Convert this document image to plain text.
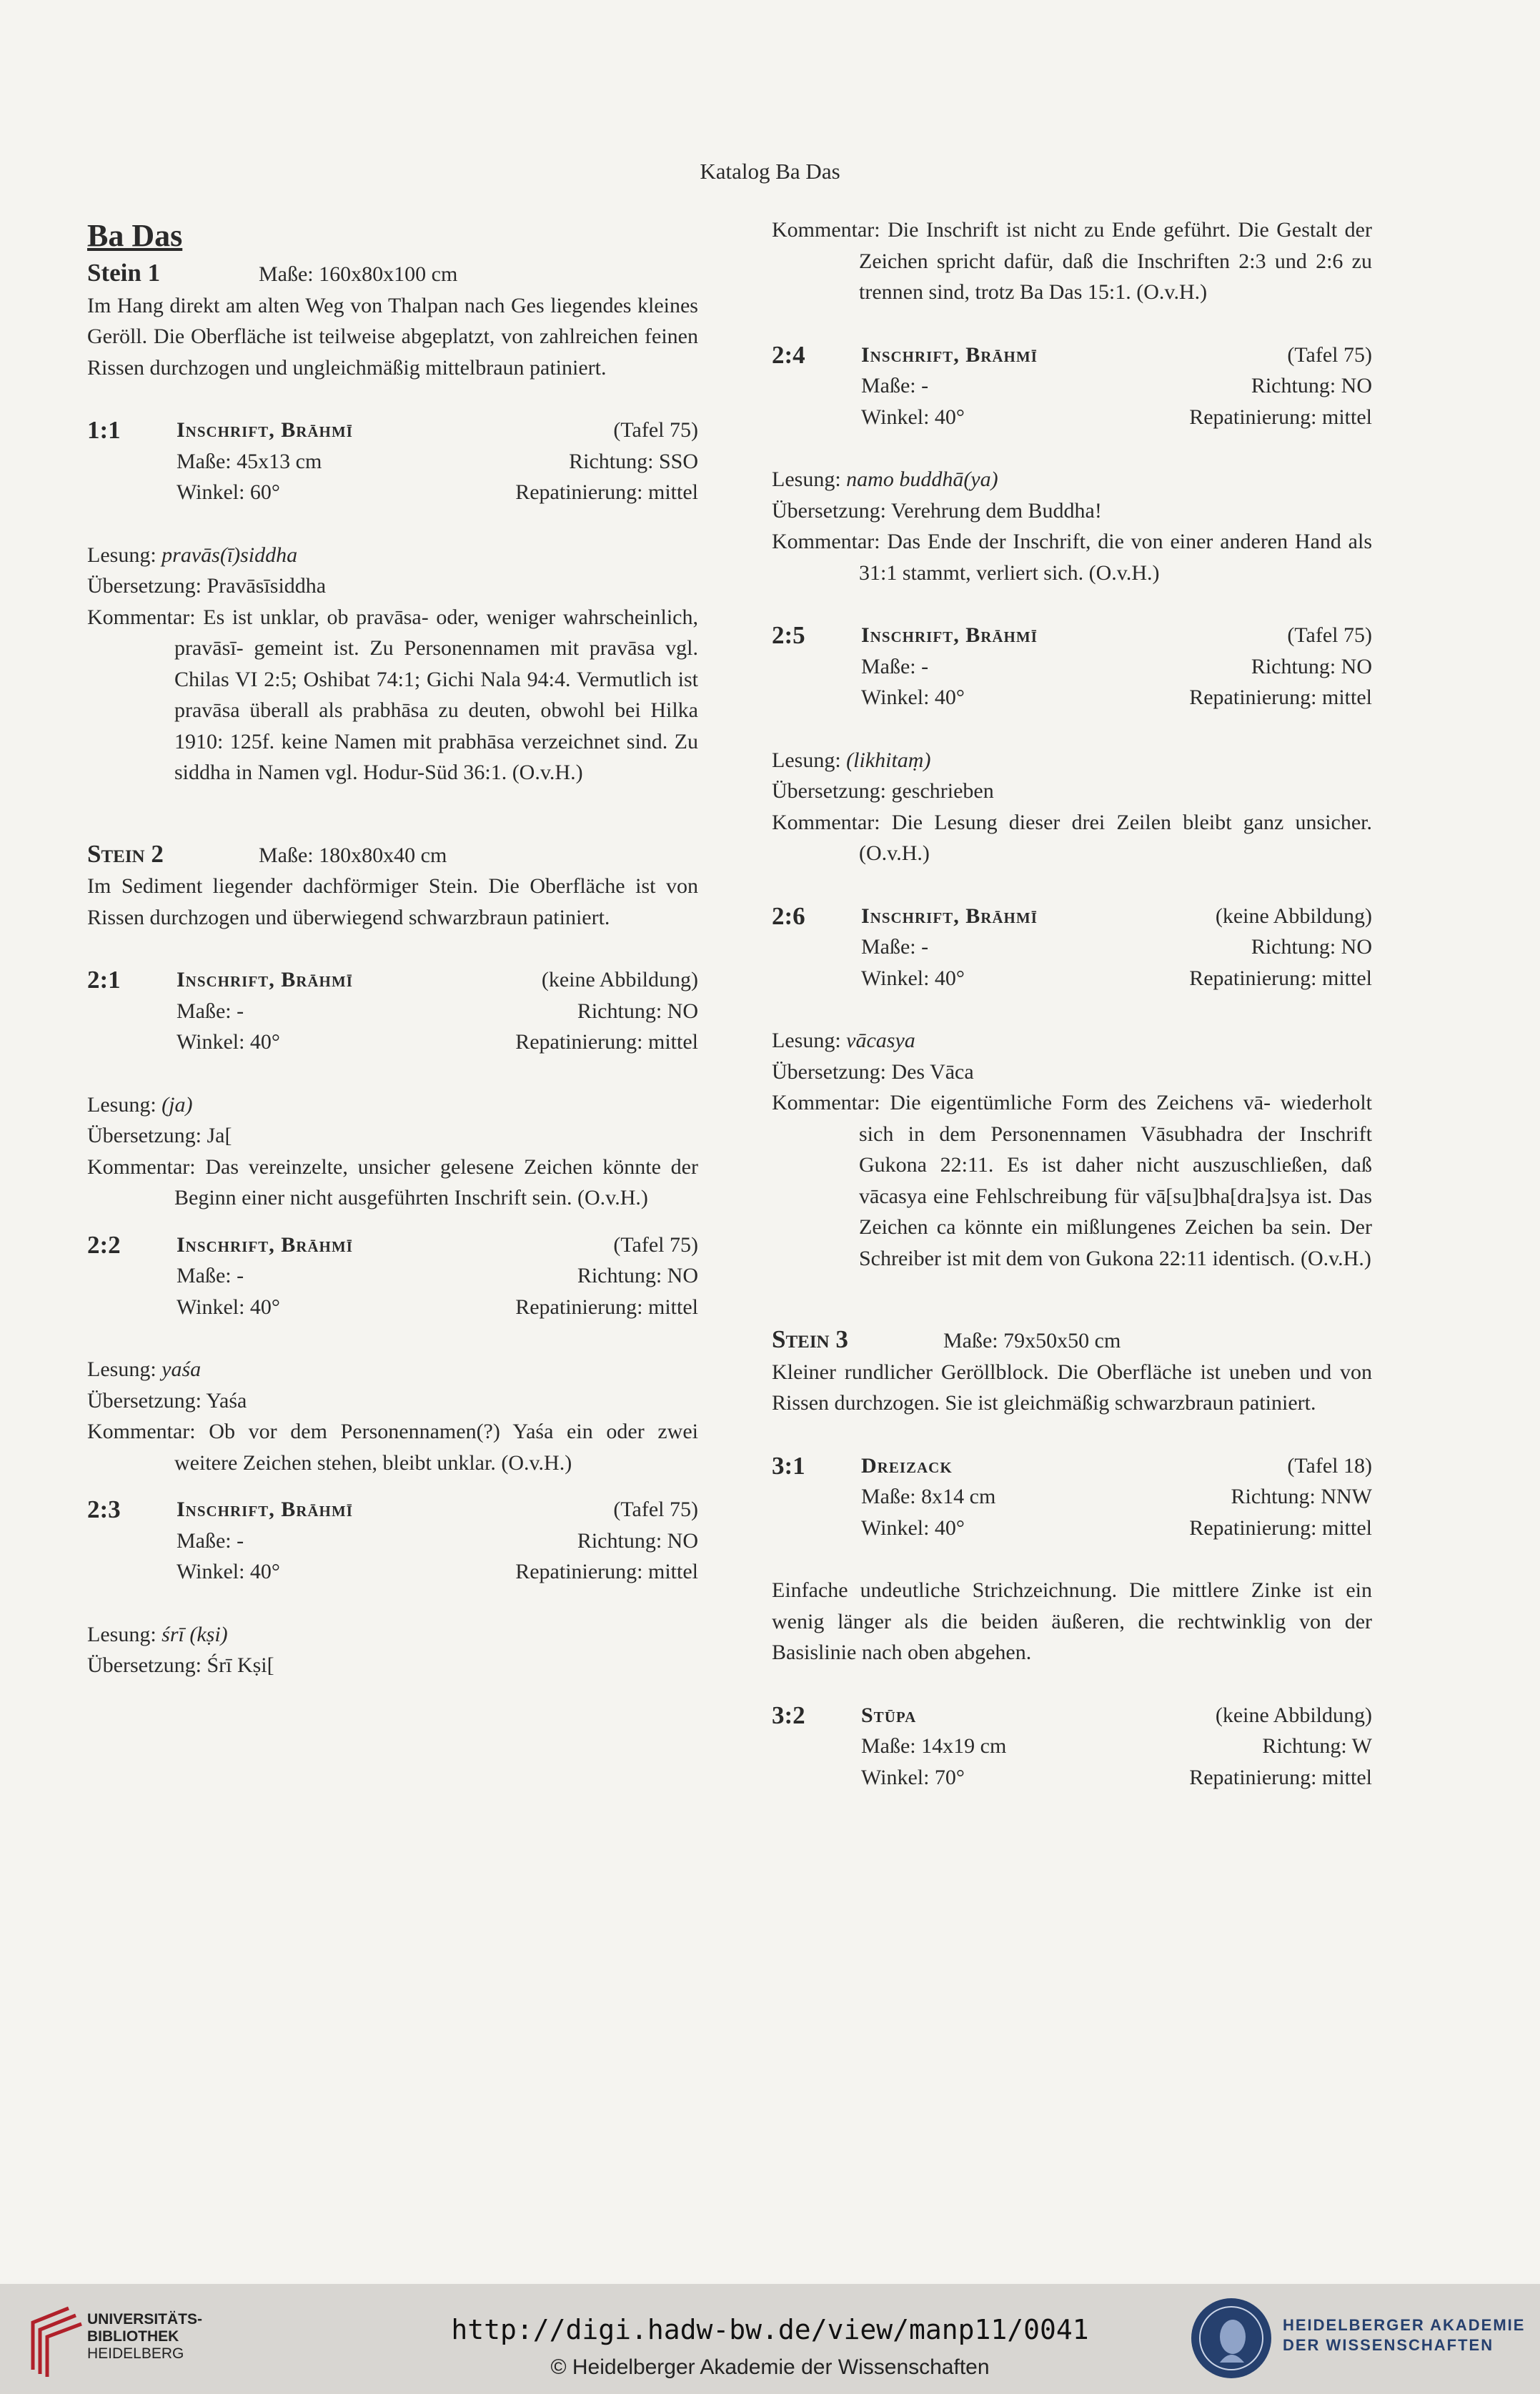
Katalog Ba Das

Ba Das

Stein 1	Maße: 160x80x100 cm

Im Hang direkt am alten Weg von Thalpan nach Ges liegendes kleines Geröll. Die Oberfläche ist teilweise abgeplatzt, von zahlreichen feinen Rissen durchzogen und ungleichmäßig mittelbraun patiniert.

1:1	Inschrift, Brāhmī	(Tafel 75)
Maße: 45x13 cm	Richtung: SSO
Winkel: 60°	Repatinierung: mittel

Lesung: pravās(ī)siddha

Übersetzung: Pravāsīsiddha

Kommentar: Es ist unklar, ob pravāsa- oder, weniger wahrscheinlich, pravāsī- gemeint ist. Zu Personennamen mit pravāsa vgl. Chilas VI 2:5; Oshibat 74:1; Gichi Nala 94:4. Vermutlich ist pravāsa überall als prabhāsa zu deuten, obwohl bei Hilka 1910: 125f. keine Namen mit prabhāsa verzeichnet sind. Zu siddha in Namen vgl. Hodur-Süd 36:1. (O.v.H.)

Stein 2	Maße: 180x80x40 cm

Im Sediment liegender dachförmiger Stein. Die Oberfläche ist von Rissen durchzogen und überwiegend schwarzbraun patiniert.

2:1	Inschrift, Brāhmī	(keine Abbildung)
Maße: -	Richtung: NO
Winkel: 40°	Repatinierung: mittel

Lesung: (ja)

Übersetzung: Ja[

Kommentar: Das vereinzelte, unsicher gelesene Zeichen könnte der Beginn einer nicht ausgeführten Inschrift sein. (O.v.H.)

2:2	Inschrift, Brāhmī	(Tafel 75)
Maße: -	Richtung: NO
Winkel: 40°	Repatinierung: mittel

Lesung: yaśa

Übersetzung: Yaśa

Kommentar: Ob vor dem Personennamen(?) Yaśa ein oder zwei weitere Zeichen stehen, bleibt unklar. (O.v.H.)

2:3	Inschrift, Brāhmī	(Tafel 75)
Maße: -	Richtung: NO
Winkel: 40°	Repatinierung: mittel

Lesung: śrī (kṣi)

Übersetzung: Śrī Kṣi[

Kommentar: Die Inschrift ist nicht zu Ende geführt. Die Gestalt der Zeichen spricht dafür, daß die Inschriften 2:3 und 2:6 zu trennen sind, trotz Ba Das 15:1. (O.v.H.)

2:4	Inschrift, Brāhmī	(Tafel 75)
Maße: -	Richtung: NO
Winkel: 40°	Repatinierung: mittel

Lesung: namo buddhā(ya)

Übersetzung: Verehrung dem Buddha!

Kommentar: Das Ende der Inschrift, die von einer anderen Hand als 31:1 stammt, verliert sich. (O.v.H.)

2:5	Inschrift, Brāhmī	(Tafel 75)
Maße: -	Richtung: NO
Winkel: 40°	Repatinierung: mittel

Lesung: (likhitaṃ)

Übersetzung: geschrieben

Kommentar: Die Lesung dieser drei Zeilen bleibt ganz unsicher. (O.v.H.)

2:6	Inschrift, Brāhmī	(keine Abbildung)
Maße: -	Richtung: NO
Winkel: 40°	Repatinierung: mittel

Lesung: vācasya

Übersetzung: Des Vāca

Kommentar: Die eigentümliche Form des Zeichens vā- wiederholt sich in dem Personennamen Vāsubhadra der Inschrift Gukona 22:11. Es ist daher nicht auszuschließen, daß vācasya eine Fehlschreibung für vā[su]bha[dra]sya ist. Das Zeichen ca könnte ein mißlungenes Zeichen ba sein. Der Schreiber ist mit dem von Gukona 22:11 identisch. (O.v.H.)

Stein 3	Maße: 79x50x50 cm

Kleiner rundlicher Geröllblock. Die Oberfläche ist uneben und von Rissen durchzogen. Sie ist gleichmäßig schwarzbraun patiniert.

3:1	Dreizack	(Tafel 18)
Maße: 8x14 cm	Richtung: NNW
Winkel: 40°	Repatinierung: mittel

Einfache undeutliche Strichzeichnung. Die mittlere Zinke ist ein wenig länger als die beiden äußeren, die rechtwinklig von der Basislinie nach oben abgehen.

3:2	Stūpa	(keine Abbildung)
Maße: 14x19 cm	Richtung: W
Winkel: 70°	Repatinierung: mittel
UNIVERSITÄTS-
BIBLIOTHEK
HEIDELBERG
http://digi.hadw-bw.de/view/manp11/0041
© Heidelberger Akademie der Wissenschaften
HEIDELBERGER AKADEMIE
DER WISSENSCHAFTEN
